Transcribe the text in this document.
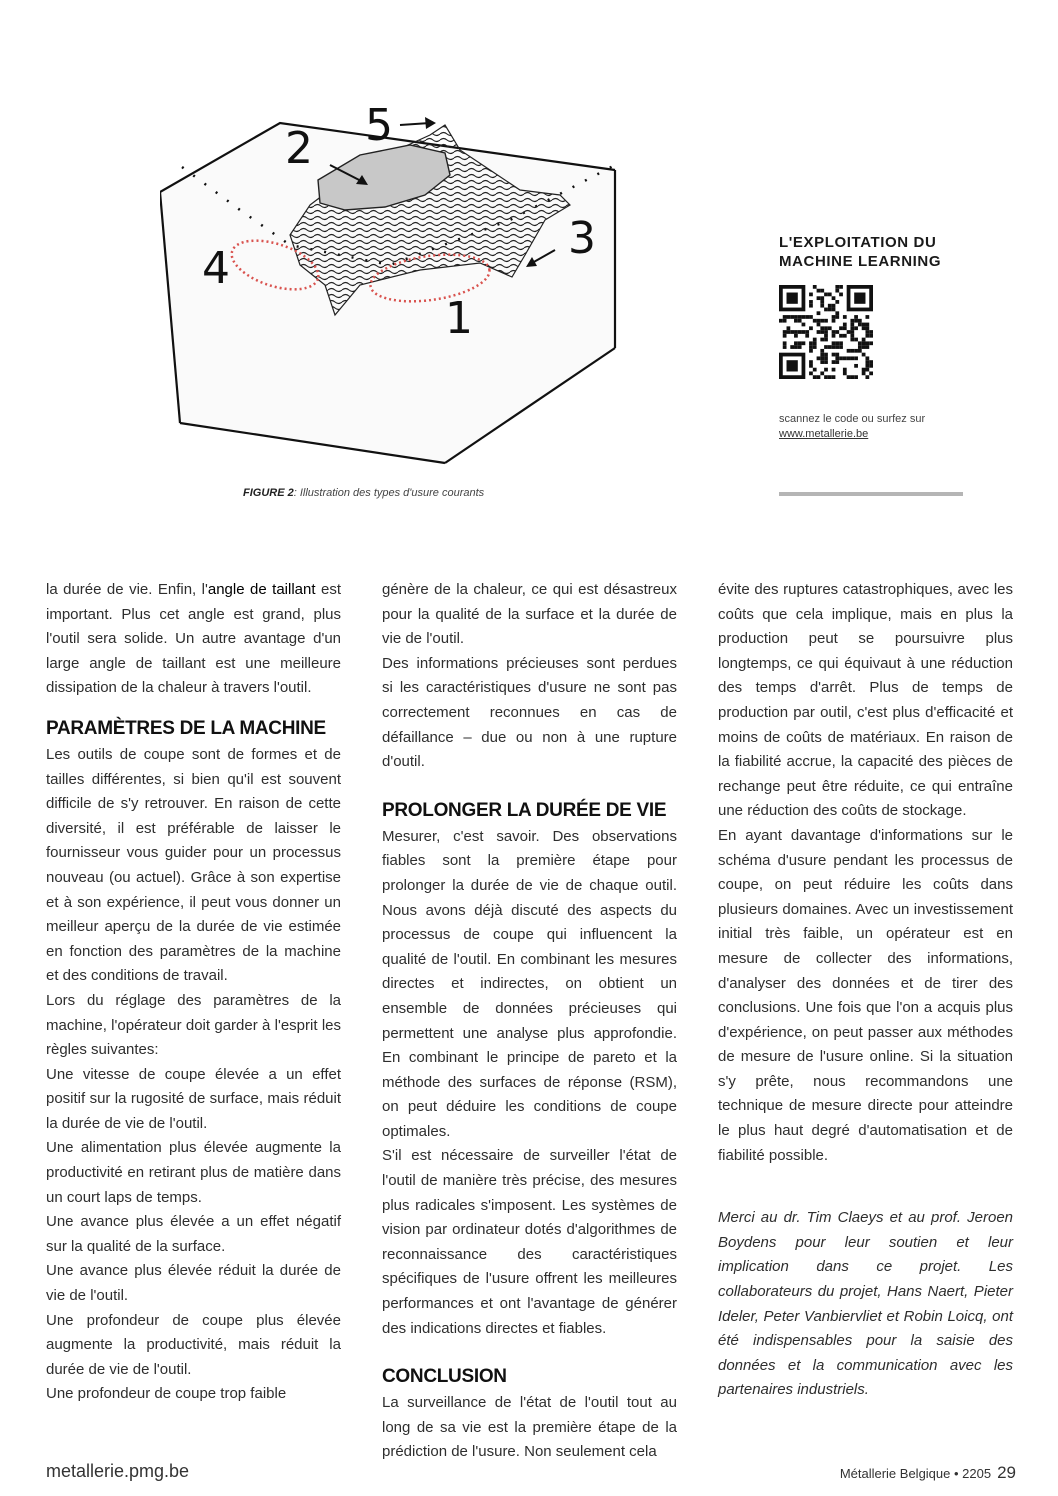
2 5
3
4
1
FIGURE 2: Illustration des types d'usure courants
L'EXPLOITATION DU
MACHINE LEARNING
scannez le code ou surfez sur
www.metallerie.be

la durée de vie. Enfin, l'angle de taillant est important. Plus cet angle est grand, plus l'outil sera solide. Un autre avantage d'un large angle de taillant est une meilleure dissipation de la chaleur à travers l'outil.

PARAMÈTRES DE LA MACHINE

Les outils de coupe sont de formes et de tailles différentes, si bien qu'il est souvent difficile de s'y retrouver. En raison de cette diversité, il est préférable de laisser le fournisseur vous guider pour un processus nouveau (ou actuel). Grâce à son expertise et à son expérience, il peut vous donner un meilleur aperçu de la durée de vie estimée en fonction des paramètres de la machine et des conditions de travail.

Lors du réglage des paramètres de la machine, l'opérateur doit garder à l'esprit les règles suivantes:

Une vitesse de coupe élevée a un effet positif sur la rugosité de surface, mais réduit la durée de vie de l'outil.

Une alimentation plus élevée augmente la productivité en retirant plus de matière dans un court laps de temps.

Une avance plus élevée a un effet négatif sur la qualité de la surface.

Une avance plus élevée réduit la durée de vie de l'outil.

Une profondeur de coupe plus élevée augmente la productivité, mais réduit la durée de vie de l'outil.

Une profondeur de coupe trop faible

génère de la chaleur, ce qui est désastreux pour la qualité de la surface et la durée de vie de l'outil.

Des informations précieuses sont perdues si les caractéristiques d'usure ne sont pas correctement reconnues en cas de défaillance – due ou non à une rupture d'outil.

PROLONGER LA DURÉE DE VIE

Mesurer, c'est savoir. Des observations fiables sont la première étape pour prolonger la durée de vie de chaque outil. Nous avons déjà discuté des aspects du processus de coupe qui influencent la qualité de l'outil. En combinant les mesures directes et indirectes, on obtient un ensemble de données précieuses qui permettent une analyse plus approfondie. En combinant le principe de pareto et la méthode des surfaces de réponse (RSM), on peut déduire les conditions de coupe optimales.

S'il est nécessaire de surveiller l'état de l'outil de manière très précise, des mesures plus radicales s'imposent. Les systèmes de vision par ordinateur dotés d'algorithmes de reconnaissance des caractéristiques spécifiques de l'usure offrent les meilleures performances et ont l'avantage de générer des indications directes et fiables.

CONCLUSION

La surveillance de l'état de l'outil tout au long de sa vie est la première étape de la prédiction de l'usure. Non seulement cela

évite des ruptures catastrophiques, avec les coûts que cela implique, mais en plus la production peut se poursuivre plus longtemps, ce qui équivaut à une réduction des temps d'arrêt. Plus de temps de production par outil, c'est plus d'efficacité et moins de coûts de matériaux. En raison de la fiabilité accrue, la capacité des pièces de rechange peut être réduite, ce qui entraîne une réduction des coûts de stockage.

En ayant davantage d'informations sur le schéma d'usure pendant les processus de coupe, on peut réduire les coûts dans plusieurs domaines. Avec un investissement initial très faible, un opérateur est en mesure de collecter des informations, d'analyser des données et de tirer des conclusions. Une fois que l'on a acquis plus d'expérience, on peut passer aux méthodes de mesure de l'usure online. Si la situation s'y prête, nous recommandons une technique de mesure directe pour atteindre le plus haut degré d'automatisation et de fiabilité possible.

Merci au dr. Tim Claeys et au prof. Jeroen Boydens pour leur soutien et leur implication dans ce projet. Les collaborateurs du projet, Hans Naert, Pieter Ideler, Peter Vanbiervliet et Robin Loicq, ont été indispensables pour la saisie des données et la communication avec les partenaires industriels.

metallerie.pmg.be	Métallerie Belgique • 2205 29
